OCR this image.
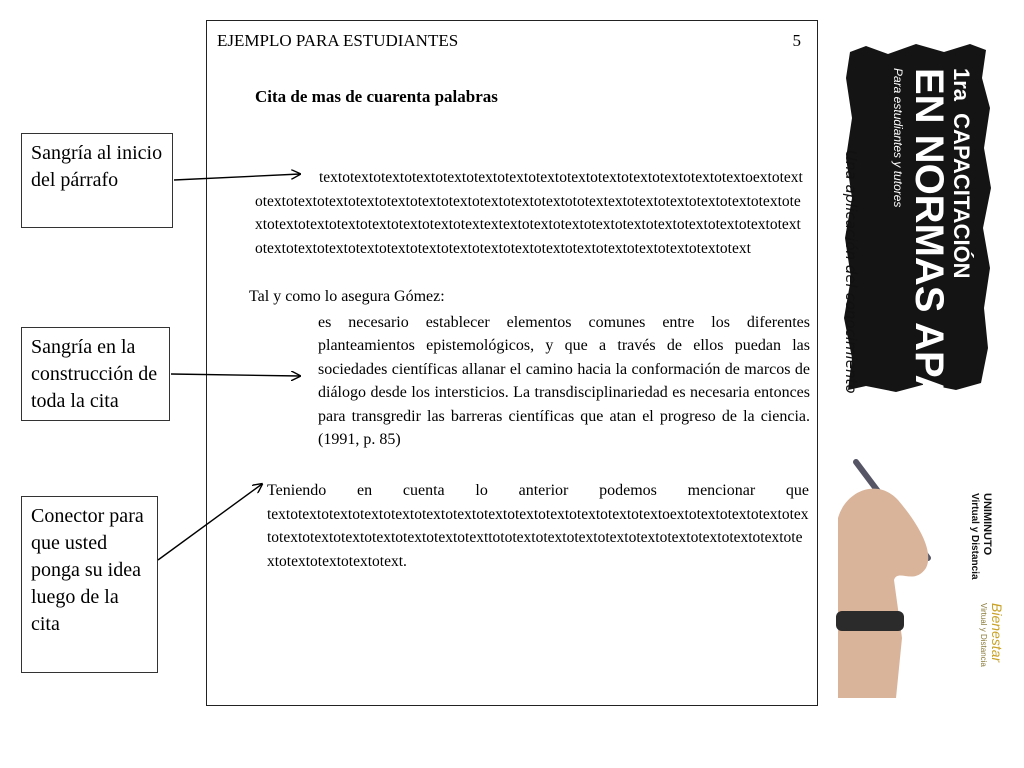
EJEMPLO PARA ESTUDIANTES	5
Cita de mas de cuarenta palabras

textotextotextotextotextotextotextotextotextotextotextotextotextotextoextotextotextotextotextotextotextotextotextotextotextotextototextextotextotextotextotextotextotextotextotextotextotextotextotextotextextextotextotextotextotextotextotextotextotextotextotextotextotextotextotextotextotextotextotextotextotextotextotextotextotextotext

Tal y como lo asegura Gómez:

es necesario establecer elementos comunes entre los diferentes planteamientos epistemológicos, y que a través de ellos puedan las sociedades científicas allanar el camino hacia la conformación de marcos de diálogo desde los intersticios. La transdisciplinariedad es necesaria entonces para transgredir las barreras científicas que atan el progreso de la ciencia. (1991, p. 85)

Teniendo en cuenta lo anterior podemos mencionar que
textotextotextotextotextotextotextotextotextotextotextotextotextoextotextotextotextotextotextotextotextotextotextotextotexttototextotextotextotextotextotextotextotextotextotextotextotextotextotext.
Sangría al inicio del párrafo
Sangría en la construcción de toda la cita
Conector para que usted ponga su idea luego de la cita
1ra CAPACITACIÓN
EN NORMAS APA
Para estudiantes y tutores
Una aplicación del conocimiento
UNIMINUTO
Virtual y Distancia
Bienestar
Virtual y Distancia
